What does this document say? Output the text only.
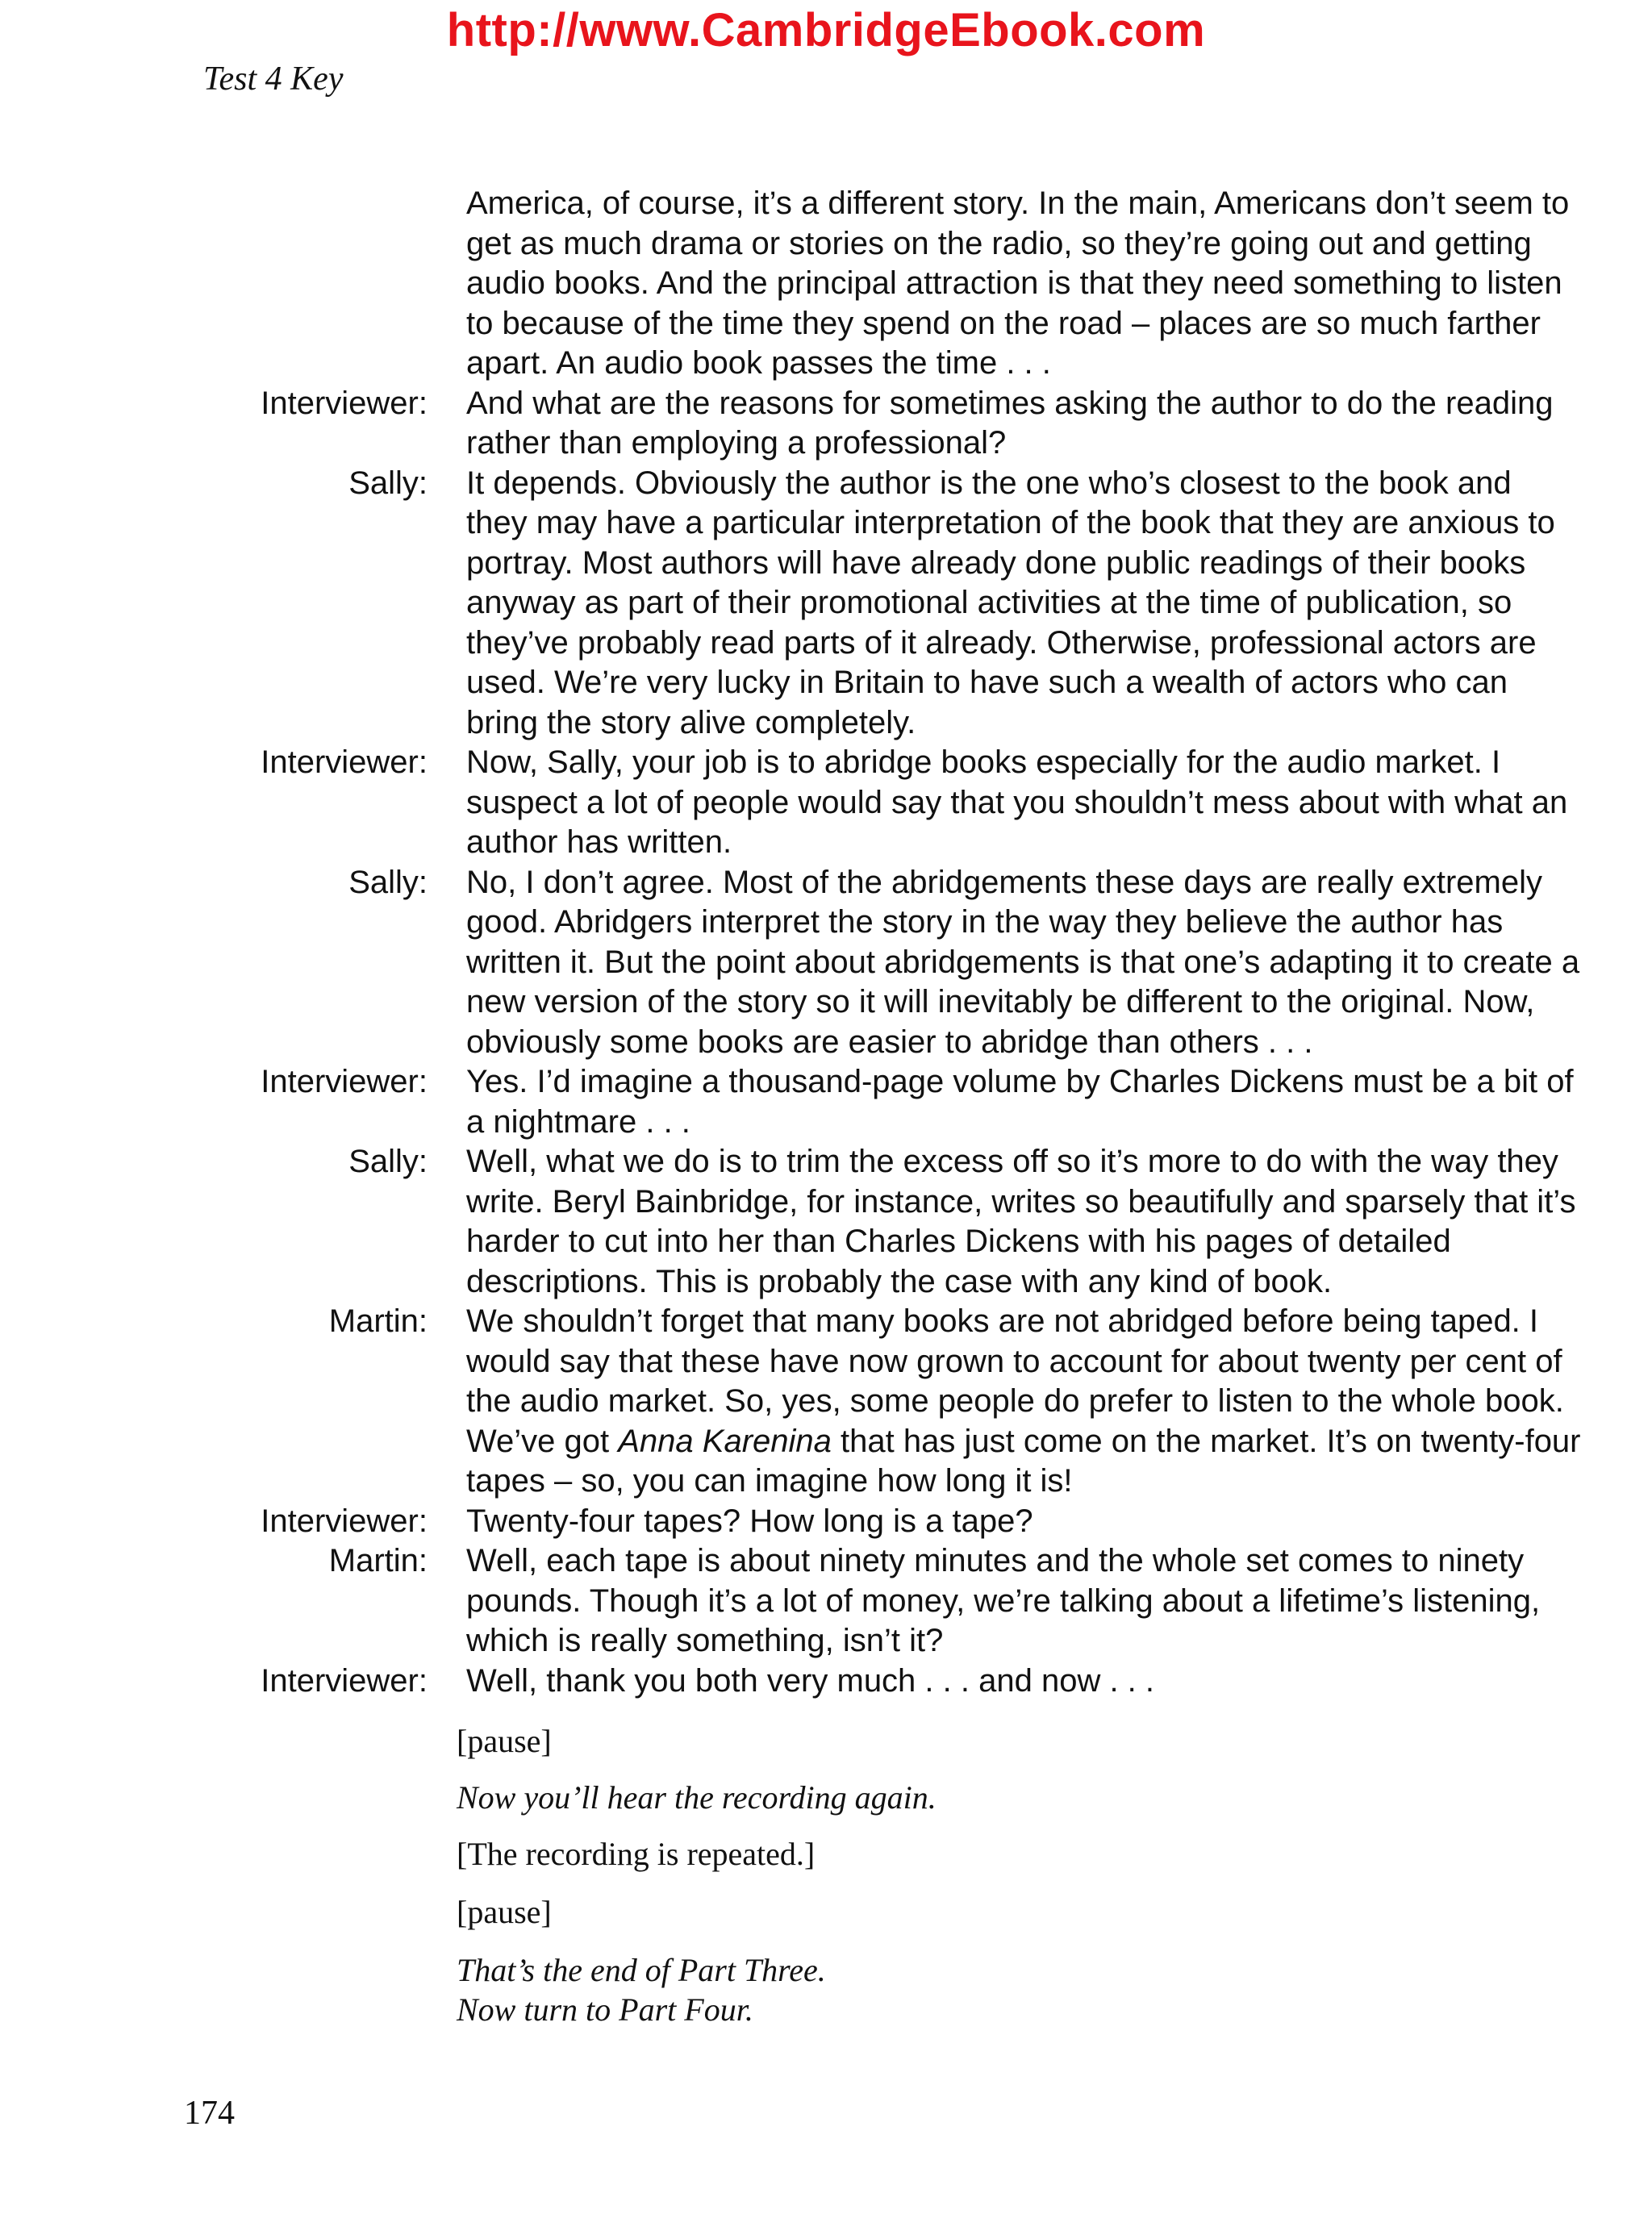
http://www.CambridgeEbook.com
Test 4 Key
America, of course, it’s a different story. In the main, Americans don’t seem to
get as much drama or stories on the radio, so they’re going out and getting
audio books. And the principal attraction is that they need something to listen
to because of the time they spend on the road – places are so much farther
apart. An audio book passes the time . . .
Interviewer:	And what are the reasons for sometimes asking the author to do the reading
rather than employing a professional?
Sally:	It depends. Obviously the author is the one who’s closest to the book and
they may have a particular interpretation of the book that they are anxious to
portray. Most authors will have already done public readings of their books
anyway as part of their promotional activities at the time of publication, so
they’ve probably read parts of it already. Otherwise, professional actors are
used. We’re very lucky in Britain to have such a wealth of actors who can
bring the story alive completely.
Interviewer:	Now, Sally, your job is to abridge books especially for the audio market. I
suspect a lot of people would say that you shouldn’t mess about with what an
author has written.
Sally:	No, I don’t agree. Most of the abridgements these days are really extremely
good. Abridgers interpret the story in the way they believe the author has
written it. But the point about abridgements is that one’s adapting it to create a
new version of the story so it will inevitably be different to the original. Now,
obviously some books are easier to abridge than others . . .
Interviewer:	Yes. I’d imagine a thousand-page volume by Charles Dickens must be a bit of
a nightmare . . .
Sally:	Well, what we do is to trim the excess off so it’s more to do with the way they
write. Beryl Bainbridge, for instance, writes so beautifully and sparsely that it’s
harder to cut into her than Charles Dickens with his pages of detailed
descriptions. This is probably the case with any kind of book.
Martin:	We shouldn’t forget that many books are not abridged before being taped. I
would say that these have now grown to account for about twenty per cent of
the audio market. So, yes, some people do prefer to listen to the whole book.
We’ve got Anna Karenina that has just come on the market. It’s on twenty-four
tapes – so, you can imagine how long it is!
Interviewer:	Twenty-four tapes? How long is a tape?
Martin:	Well, each tape is about ninety minutes and the whole set comes to ninety
pounds. Though it’s a lot of money, we’re talking about a lifetime’s listening,
which is really something, isn’t it?
Interviewer:	Well, thank you both very much . . . and now . . .
[pause]
Now you’ll hear the recording again.
[The recording is repeated.]
[pause]
That’s the end of Part Three.
Now turn to Part Four.
174
